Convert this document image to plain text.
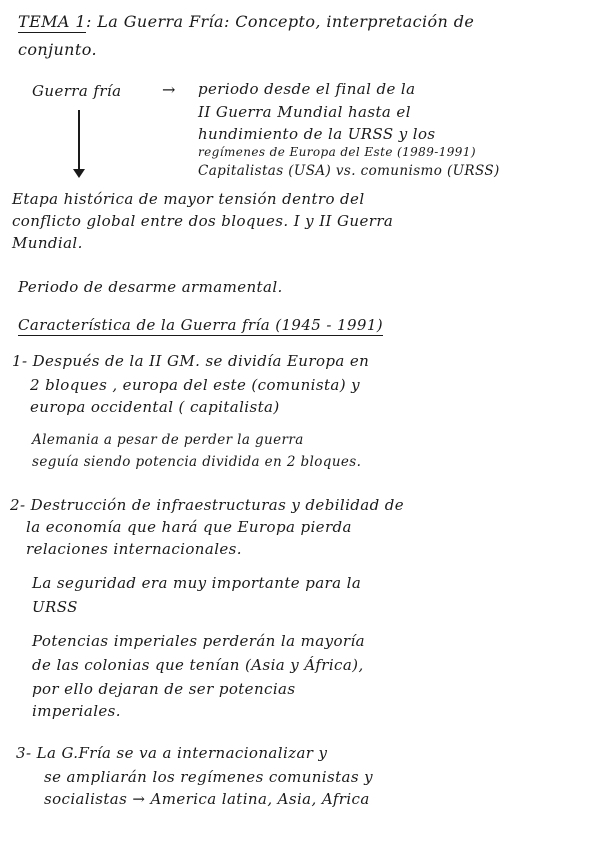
TEMA 1: La Guerra Fría: Concepto, interpretación de
conjunto.
Guerra fría	→ periodo desde el final de la
II Guerra Mundial hasta el
hundimiento de la URSS y los
regímenes de Europa del Este (1989-1991)
Capitalistas (USA) vs. comunismo (URSS)
Etapa histórica de mayor tensión dentro del
conflicto global entre dos bloques. I y II Guerra
Mundial.
Periodo de desarme armamental.
Característica de la Guerra fría (1945 - 1991)
1- Después de la II GM. se dividía Europa en
2 bloques , europa del este (comunista) y
europa occidental ( capitalista)
Alemania a pesar de perder la guerra
seguía siendo potencia dividida en 2 bloques.
2- Destrucción de infraestructuras y debilidad de
la economía que hará que Europa pierda
relaciones internacionales.
La seguridad era muy importante para la
URSS
Potencias imperiales perderán la mayoría
de las colonias que tenían (Asia y África),
por ello dejaran de ser potencias
imperiales.
3- La G.Fría se va a internacionalizar y
se ampliarán los regímenes comunistas y
socialistas → America latina, Asia, Africa
